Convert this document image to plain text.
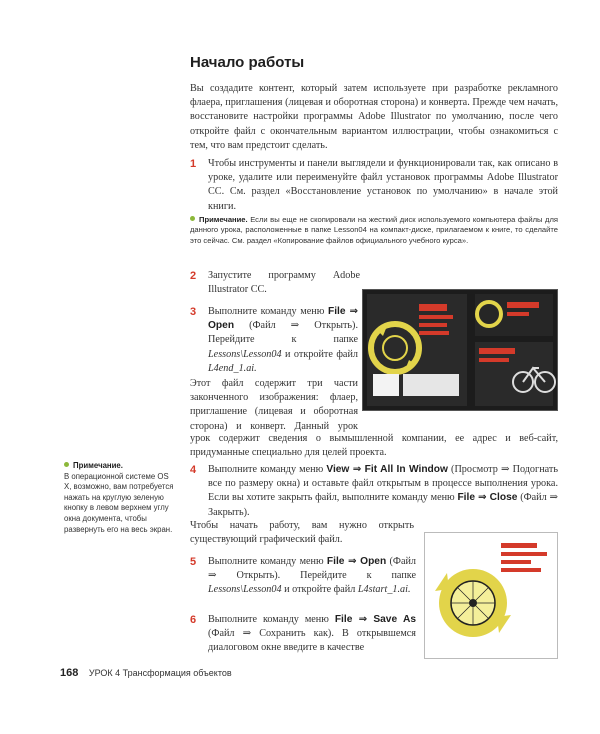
Начало работы
Вы создадите контент, который затем используете при разработке рекламного флаера, приглашения (лицевая и оборотная сторона) и конверта. Прежде чем начать, восстановите настройки программы Adobe Illustrator по умолчанию, после чего откройте файл с окончательным вариантом иллюстрации, чтобы ознакомиться с тем, что вам предстоит сделать.
1 Чтобы инструменты и панели выглядели и функционировали так, как описано в уроке, удалите или переименуйте файл установок программы Adobe Illustrator CC. См. раздел «Восстановление установок по умолчанию» в начале этой книги.
Примечание. Если вы еще не скопировали на жесткий диск используемого компьютера файлы для данного урока, расположенные в папке Lesson04 на компакт-диске, прилагаемом к книге, то сделайте это сейчас. См. раздел «Копирование файлов официального учебного курса».
2 Запустите программу Adobe Illustrator CC.
3 Выполните команду меню File ⇒ Open (Файл ⇒ Открыть). Перейдите к папке Lessons\Lesson04 и откройте файл L4end_1.ai.
Этот файл содержит три части законченного изображения: флаер, приглашение (лицевая и оборотная сторона) и конверт. Данный урок
урок содержит сведения о вымышленной компании, ее адрес и веб-сайт, придуманные специально для целей проекта.
Примечание.
В операционной системе OS X, возможно, вам потребуется нажать на круглую зеленую кнопку в левом верхнем углу окна документа, чтобы развернуть его на весь экран.
4 Выполните команду меню View ⇒ Fit All In Window (Просмотр ⇒ Подогнать все по размеру окна) и оставьте файл открытым в процессе выполнения урока. Если вы хотите закрыть файл, выполните команду меню File ⇒ Close (Файл ⇒ Закрыть).
Чтобы начать работу, вам нужно открыть существующий графический файл.
5 Выполните команду меню File ⇒ Open (Файл ⇒ Открыть). Перейдите к папке Lessons\Lesson04 и откройте файл L4start_1.ai.
6 Выполните команду меню File ⇒ Save As (Файл ⇒ Сохранить как). В открывшемся диалоговом окне введите в качестве
168 УРОК 4 Трансформация объектов
